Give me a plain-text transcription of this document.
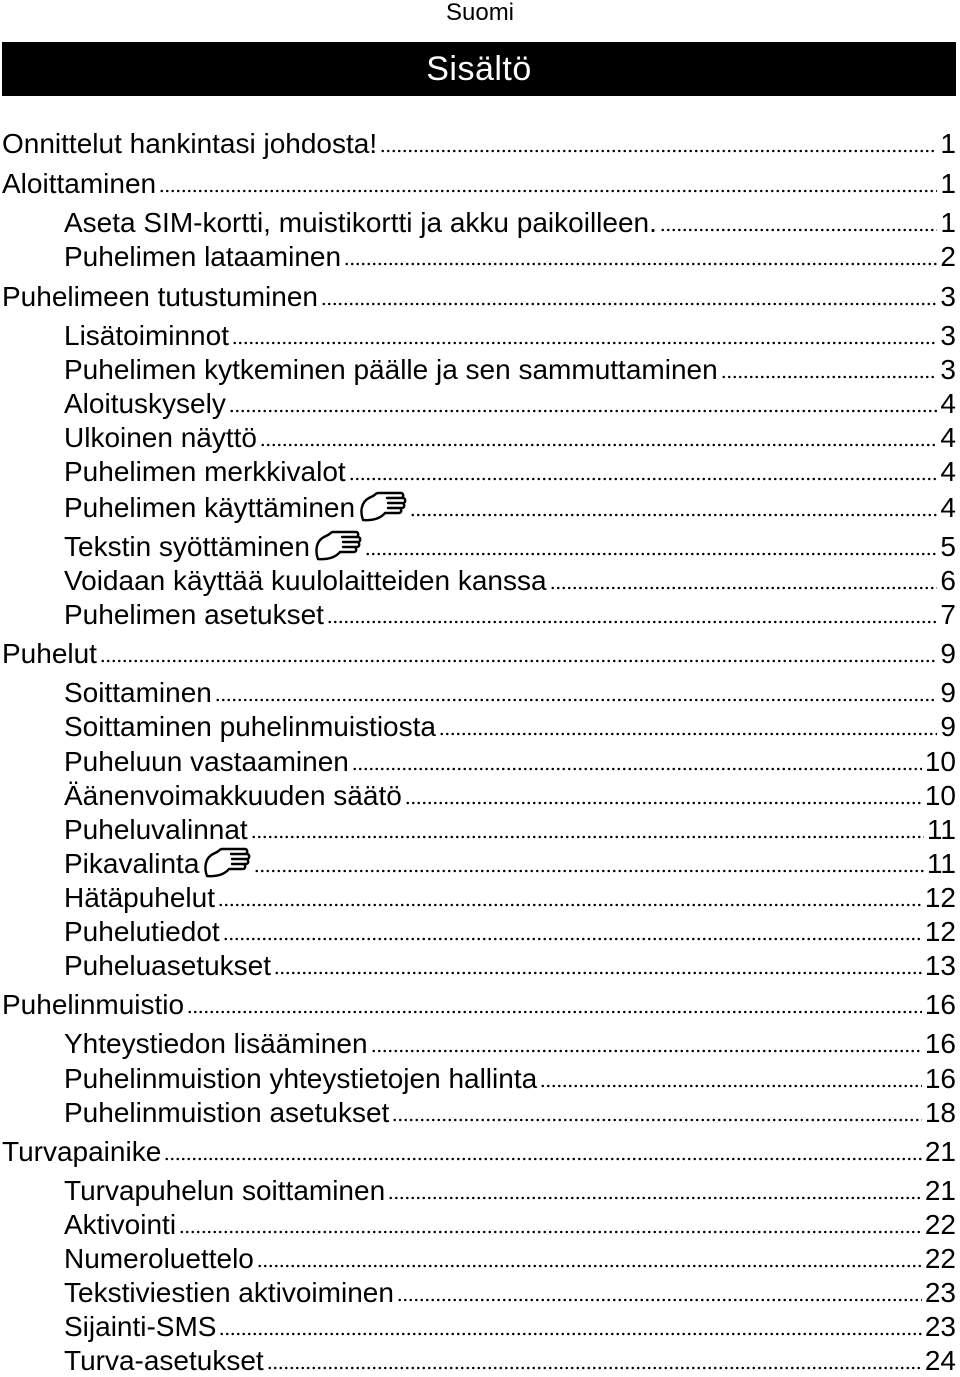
Suomi
Sisältö
Onnittelut hankintasi johdosta!	1
Aloittaminen	1
Aseta SIM-kortti, muistikortti ja akku paikoilleen.	1
Puhelimen lataaminen	2
Puhelimeen tutustuminen	3
Lisätoiminnot	3
Puhelimen kytkeminen päälle ja sen sammuttaminen	3
Aloituskysely	4
Ulkoinen näyttö	4
Puhelimen merkkivalot	4
Puhelimen käyttäminen	4
Tekstin syöttäminen	5
Voidaan käyttää kuulolaitteiden kanssa	6
Puhelimen asetukset	7
Puhelut	9
Soittaminen	9
Soittaminen puhelinmuistiosta	9
Puheluun vastaaminen	10
Äänenvoimakkuuden säätö	10
Puheluvalinnat	11
Pikavalinta	11
Hätäpuhelut	12
Puhelutiedot	12
Puheluasetukset	13
Puhelinmuistio	16
Yhteystiedon lisääminen	16
Puhelinmuistion yhteystietojen hallinta	16
Puhelinmuistion asetukset	18
Turvapainike	21
Turvapuhelun soittaminen	21
Aktivointi	22
Numeroluettelo	22
Tekstiviestien aktivoiminen	23
Sijainti-SMS	23
Turva-asetukset	24
